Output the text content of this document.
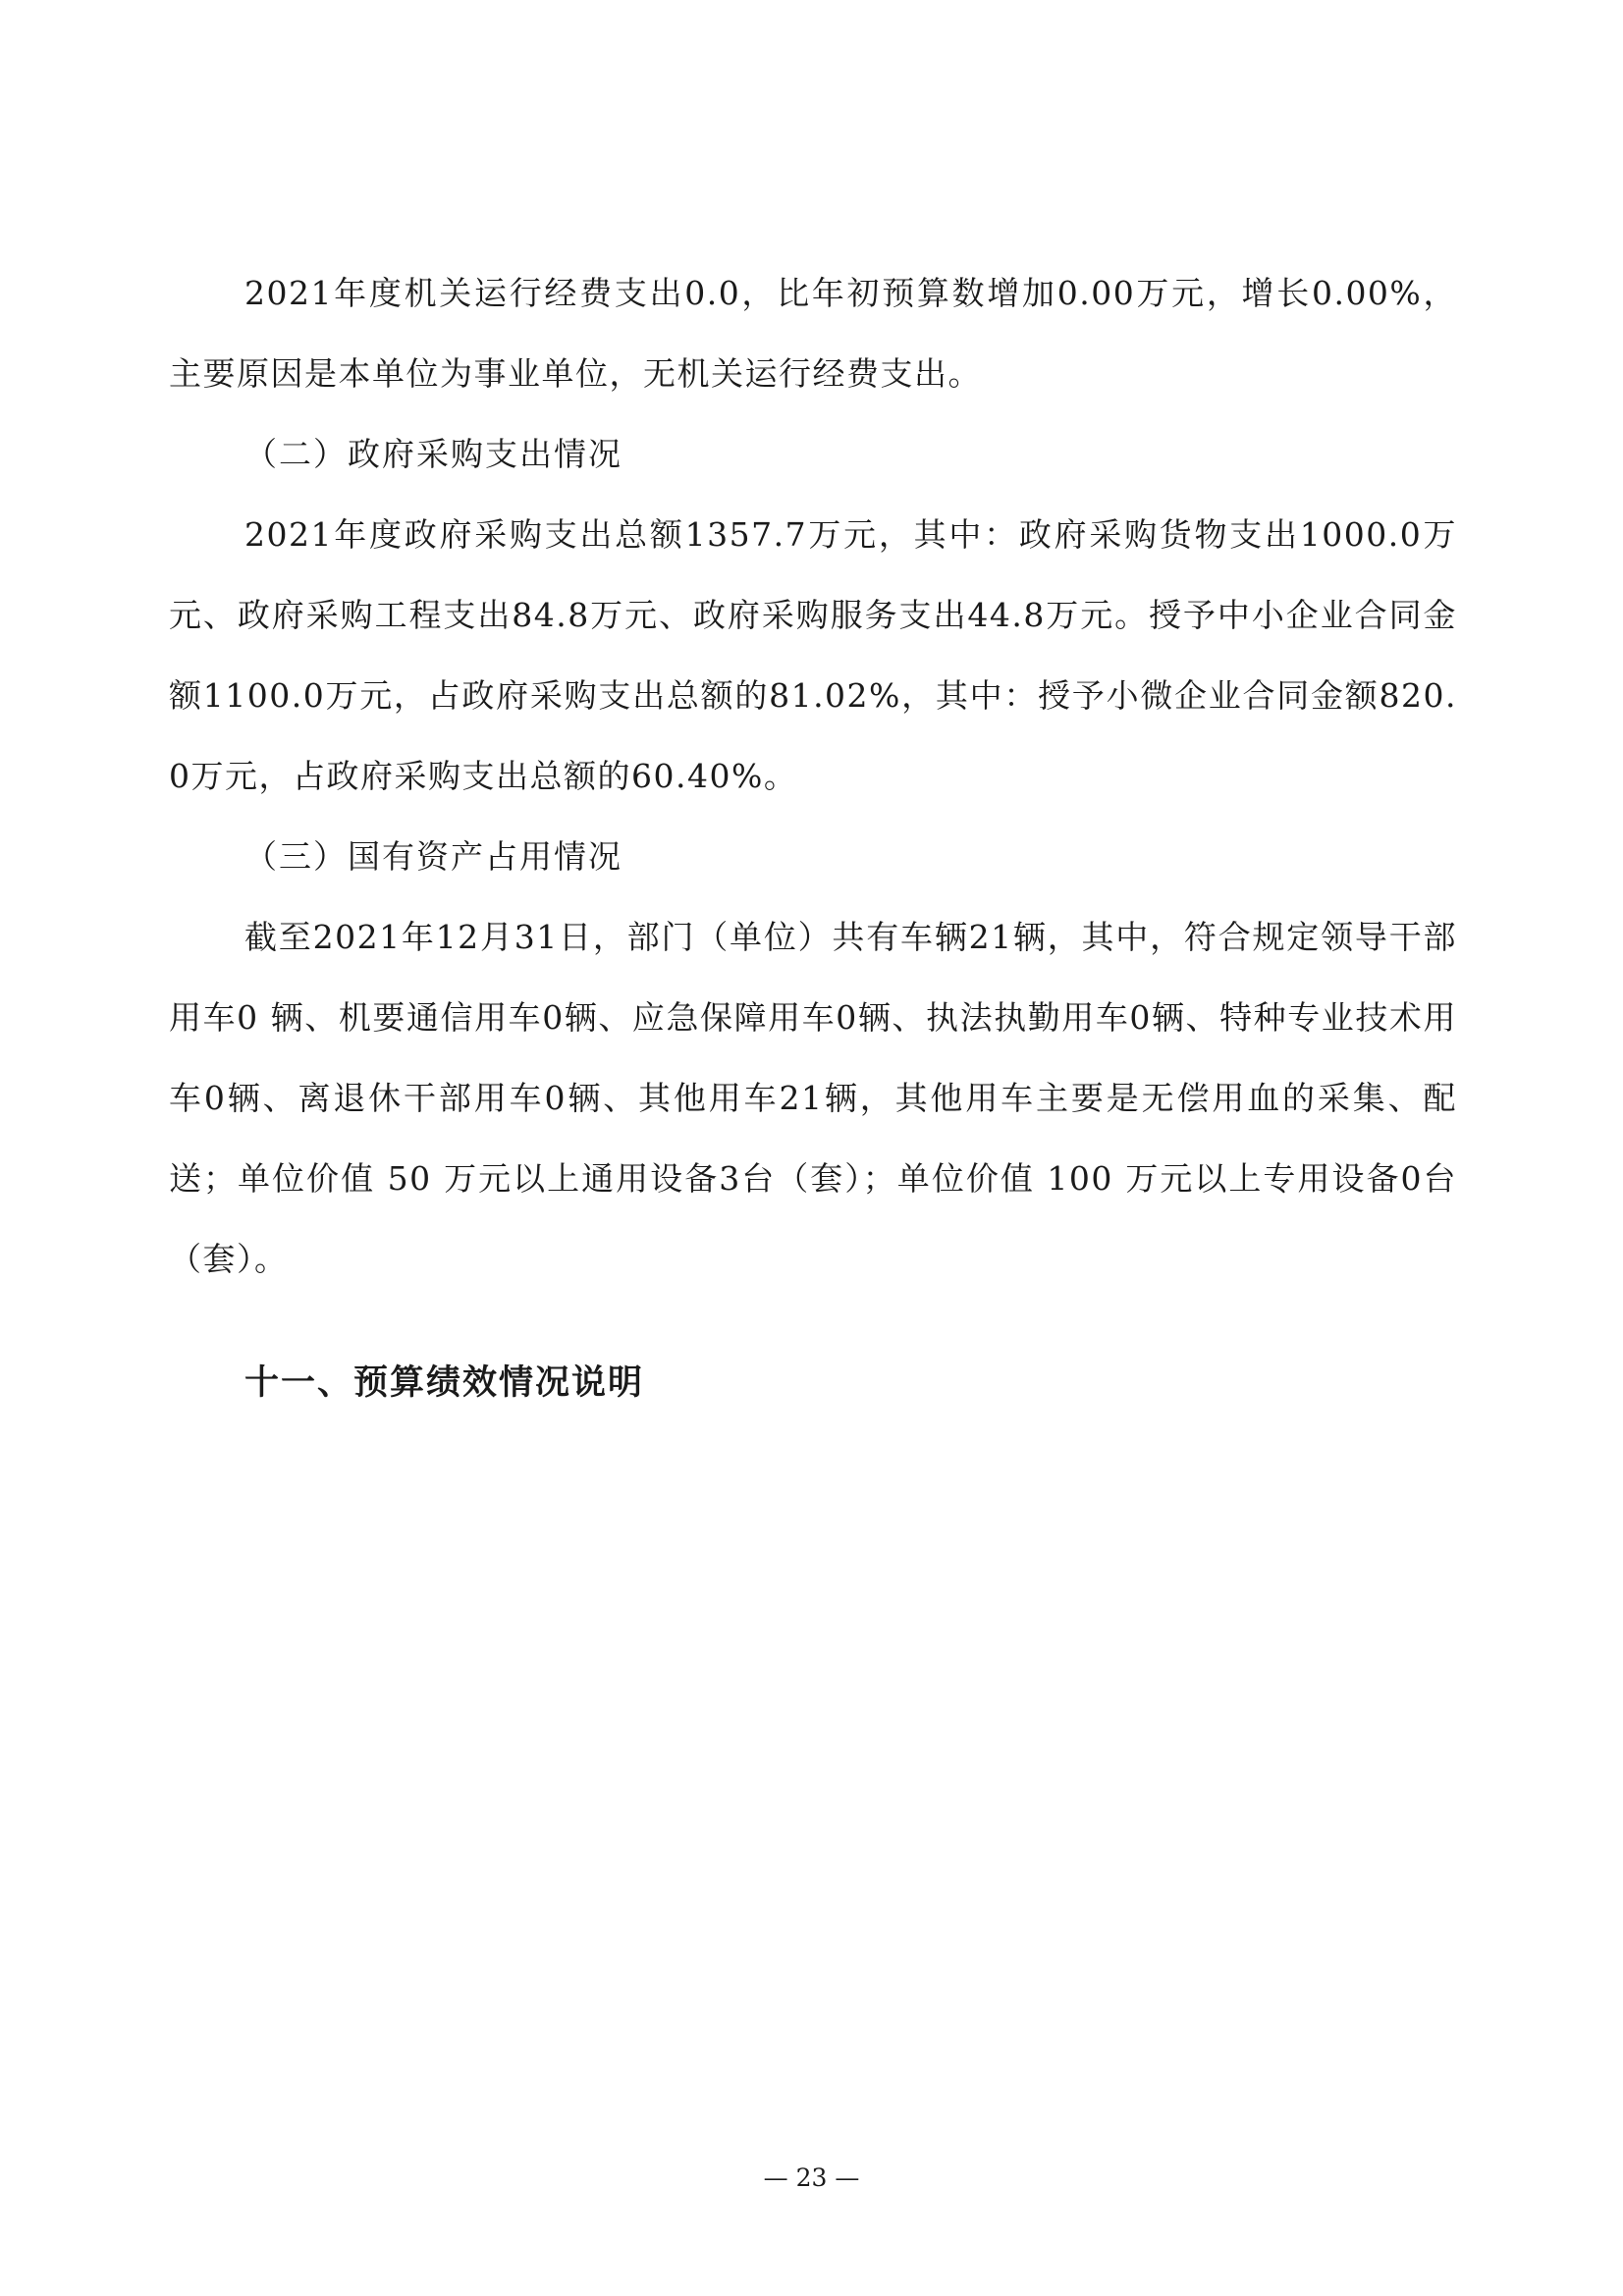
2021年度机关运行经费支出0.0，比年初预算数增加0.00万元，增长0.00%，主要原因是本单位为事业单位，无机关运行经费支出。

（二）政府采购支出情况

2021年度政府采购支出总额1357.7万元，其中：政府采购货物支出1000.0万元、政府采购工程支出84.8万元、政府采购服务支出44.8万元。授予中小企业合同金额1100.0万元，占政府采购支出总额的81.02%，其中：授予小微企业合同金额820.0万元，占政府采购支出总额的60.40%。

（三）国有资产占用情况

截至2021年12月31日，部门（单位）共有车辆21辆，其中，符合规定领导干部用车0 辆、机要通信用车0辆、应急保障用车0辆、执法执勤用车0辆、特种专业技术用车0辆、离退休干部用车0辆、其他用车21辆，其他用车主要是无偿用血的采集、配送；单位价值 50 万元以上通用设备3台（套）；单位价值 100 万元以上专用设备0台（套）。

十一、预算绩效情况说明
— 23 —
